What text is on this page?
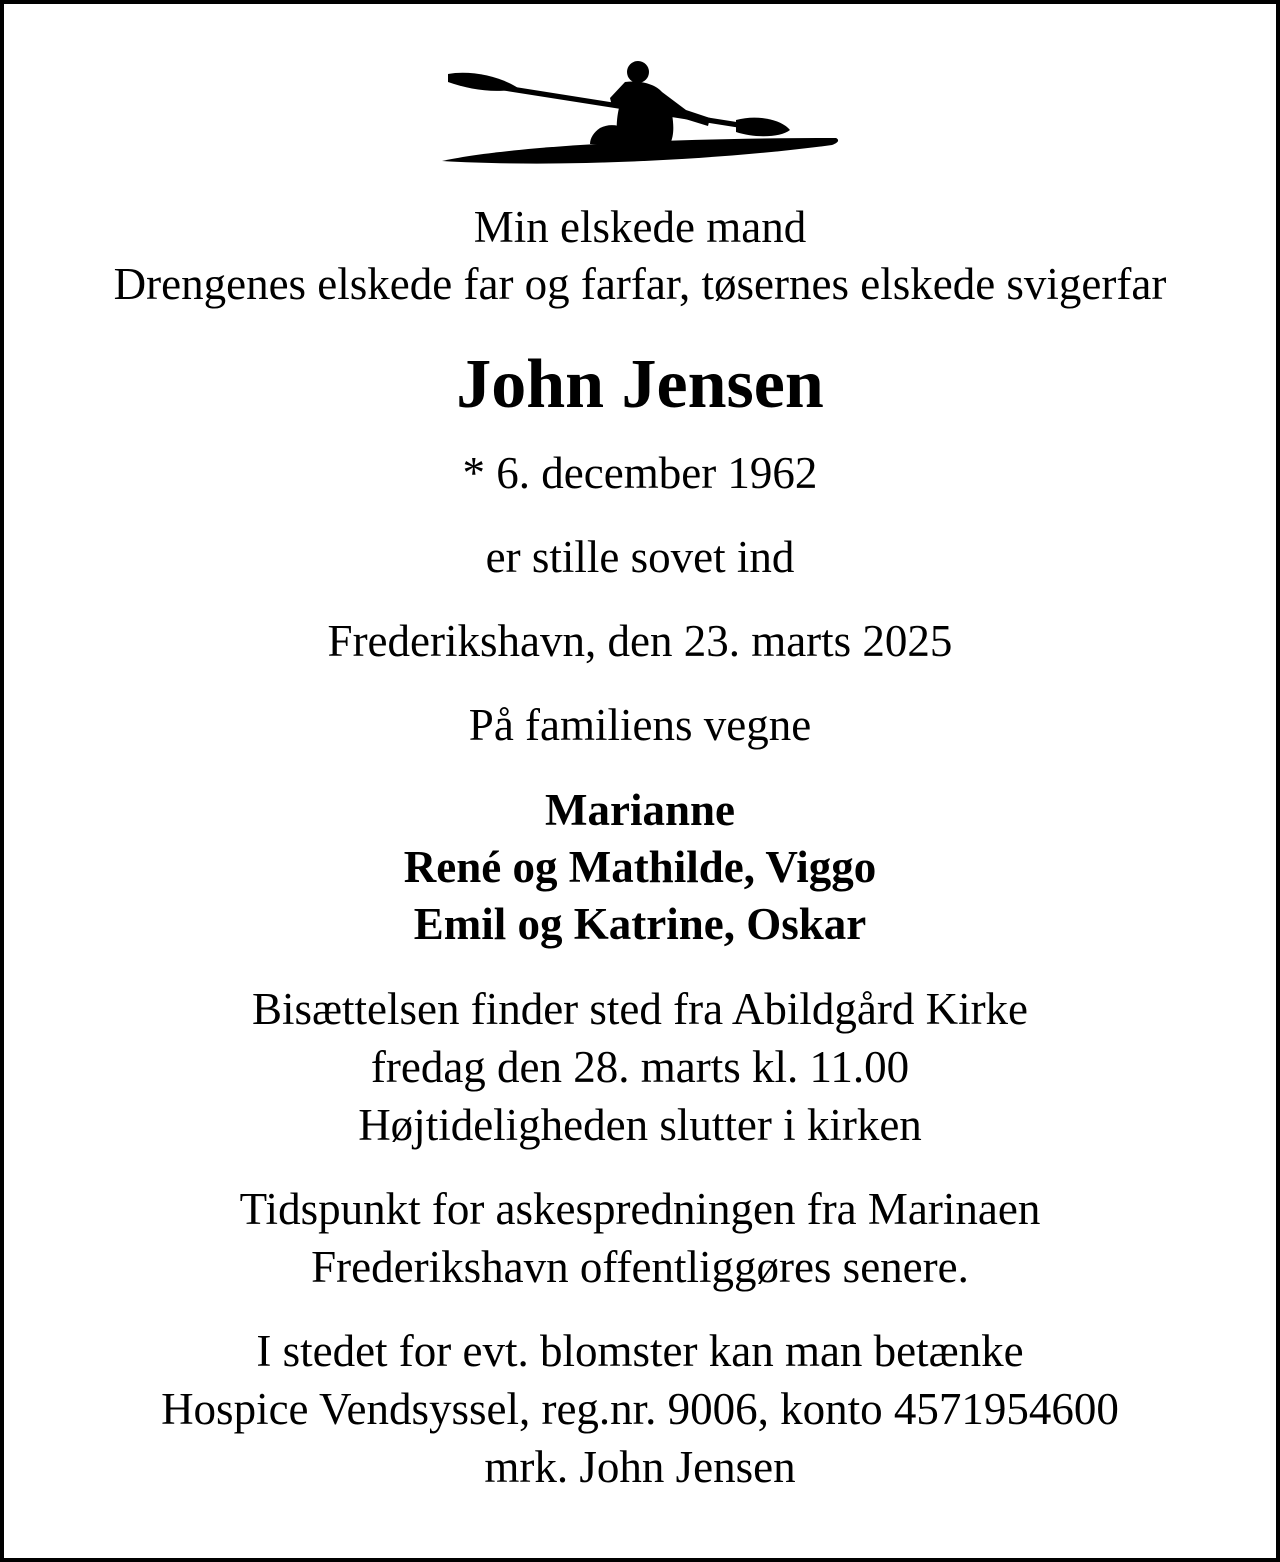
Min elskede mand
Drengenes elskede far og farfar, tøsernes elskede svigerfar
John Jensen
* 6. december 1962
er stille sovet ind
Frederikshavn, den 23. marts 2025
På familiens vegne
Marianne
René og Mathilde, Viggo
Emil og Katrine, Oskar
Bisættelsen finder sted fra Abildgård Kirke
fredag den 28. marts kl. 11.00
Højtideligheden slutter i kirken
Tidspunkt for askespredningen fra Marinaen
Frederikshavn offentliggøres senere.
I stedet for evt. blomster kan man betænke
Hospice Vendsyssel, reg.nr. 9006, konto 4571954600
mrk. John Jensen
